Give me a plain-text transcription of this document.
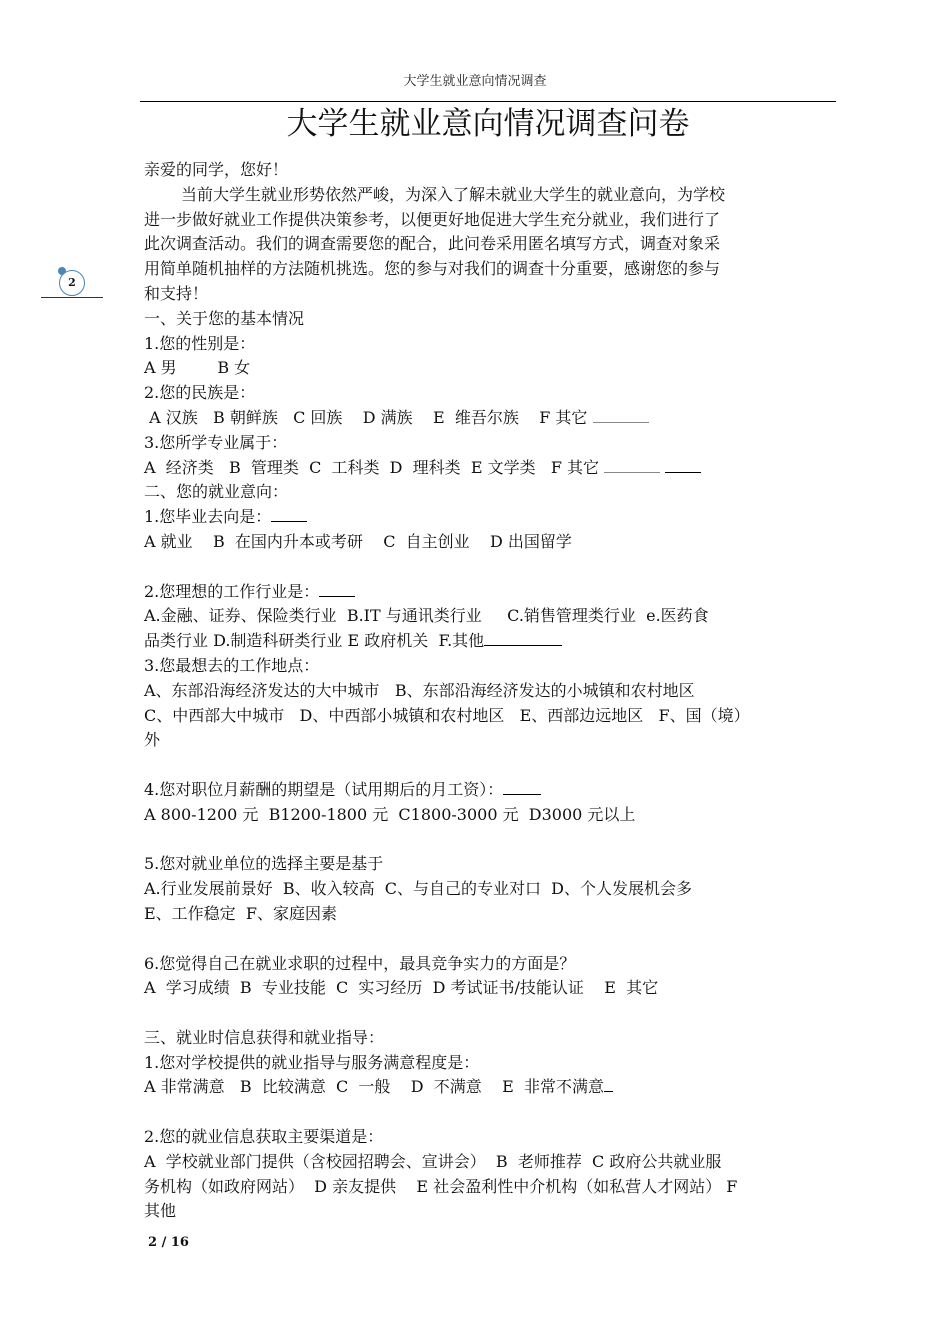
大学生就业意向情况调查
大学生就业意向情况调查问卷
2
亲爱的同学，您好！
当前大学生就业形势依然严峻，为深入了解未就业大学生的就业意向，为学校
进一步做好就业工作提供决策参考，以便更好地促进大学生充分就业，我们进行了
此次调查活动。我们的调查需要您的配合，此问卷采用匿名填写方式，调查对象采
用简单随机抽样的方法随机挑选。您的参与对我们的调查十分重要，感谢您的参与
和支持！
一、关于您的基本情况
1.您的性别是：
A 男        B 女
2.您的民族是：
A 汉族   B 朝鲜族   C 回族    D 满族    E  维吾尔族    F 其它
3.您所学专业属于：
A  经济类   B  管理类  C  工科类  D  理科类  E 文学类   F 其它
二、您的就业意向：
1.您毕业去向是：
A 就业    B  在国内升本或考研    C  自主创业    D 出国留学
2.您理想的工作行业是：
A.金融、证券、保险类行业  B.IT 与通讯类行业     C.销售管理类行业  e.医药食
品类行业 D.制造科研类行业 E 政府机关  F.其他
3.您最想去的工作地点：
A、东部沿海经济发达的大中城市   B、东部沿海经济发达的小城镇和农村地区
C、中西部大中城市   D、中西部小城镇和农村地区   E、西部边远地区   F、国（境）
外
4.您对职位月薪酬的期望是（试用期后的月工资）：
A 800-1200 元  B1200-1800 元  C1800-3000 元  D3000 元以上
5.您对就业单位的选择主要是基于
A.行业发展前景好  B、收入较高  C、与自己的专业对口  D、个人发展机会多
E、工作稳定  F、家庭因素
6.您觉得自己在就业求职的过程中，最具竞争实力的方面是？
A  学习成绩  B  专业技能  C  实习经历  D 考试证书/技能认证    E  其它
三、就业时信息获得和就业指导：
1.您对学校提供的就业指导与服务满意程度是：
A 非常满意   B  比较满意  C  一般    D  不满意    E  非常不满意
2.您的就业信息获取主要渠道是：
A  学校就业部门提供（含校园招聘会、宣讲会）  B  老师推荐  C 政府公共就业服
务机构（如政府网站）  D 亲友提供    E 社会盈利性中介机构（如私营人才网站） F
其他
2 / 16
